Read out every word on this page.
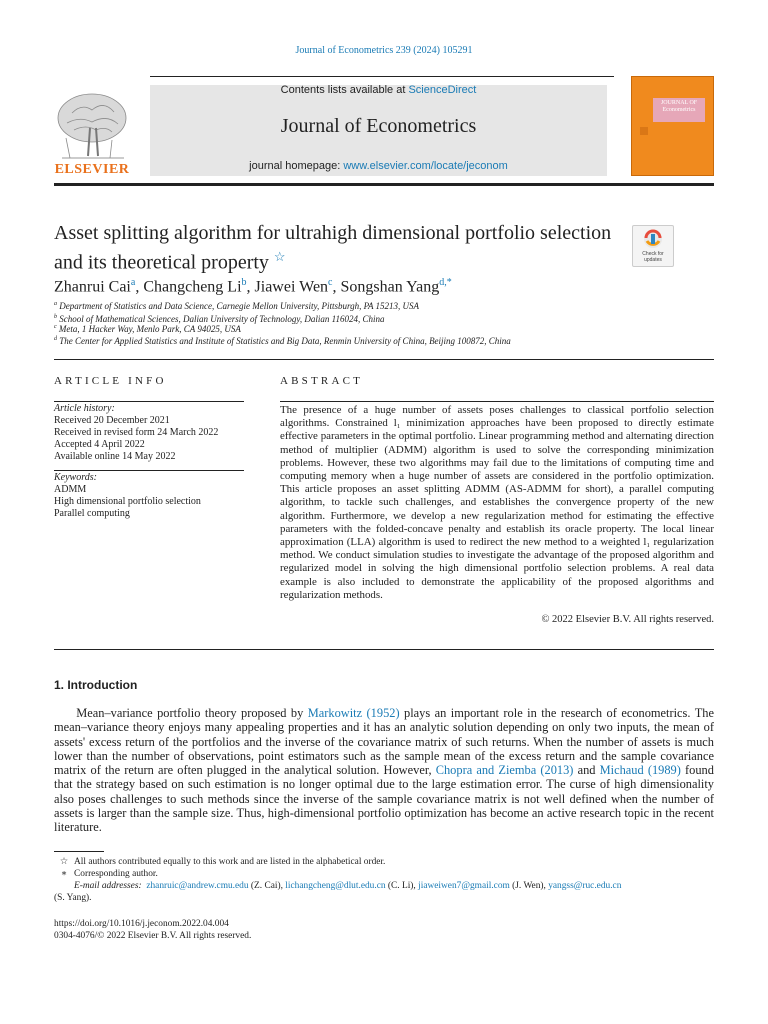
Journal of Econometrics 239 (2024) 105291
Contents lists available at ScienceDirect
Journal of Econometrics
journal homepage: www.elsevier.com/locate/jeconom
ELSEVIER
JOURNAL OF Econometrics
Asset splitting algorithm for ultrahigh dimensional portfolio selection and its theoretical property ☆	Check for updates
Zhanrui Cai$^a$, Changcheng Li$^b$, Jiawei Wen$^c$, Songshan Yang$^{d,*}$
$^a$ Department of Statistics and Data Science, Carnegie Mellon University, Pittsburgh, PA 15213, USA
$^b$ School of Mathematical Sciences, Dalian University of Technology, Dalian 116024, China
$^c$ Meta, 1 Hacker Way, Menlo Park, CA 94025, USA
$^d$ The Center for Applied Statistics and Institute of Statistics and Big Data, Renmin University of China, Beijing 100872, China
ARTICLE INFO	ABSTRACT
Article history:
Received 20 December 2021
Received in revised form 24 March 2022
Accepted 4 April 2022
Available online 14 May 2022
Keywords:
ADMM
High dimensional portfolio selection
Parallel computing
The presence of a huge number of assets poses challenges to classical portfolio selection algorithms. Constrained l₁ minimization approaches have been proposed to directly estimate effective parameters in the optimal portfolio. Linear programming method and alternating direction method of multiplier (ADMM) algorithm is used to solve the corresponding minimization problems. However, these two algorithms may fail due to the limitations of computing time and computing memory when a huge number of assets are considered in the portfolio optimization. This article proposes an asset splitting ADMM (AS-ADMM for short), a parallel computing algorithm, to tackle such challenges, and establishes the convergence property of the new algorithm. Furthermore, we develop a new regularization method for estimating the effective parameters with the folded-concave penalty and establish its oracle property. The local linear approximation (LLA) algorithm is used to redirect the new method to a weighted l₁ regularization method. We conduct simulation studies to investigate the advantage of the proposed algorithm and regularized model in solving the high dimensional portfolio selection problems. A real data example is also included to demonstrate the applicability of the proposed algorithms and regularization methods.
© 2022 Elsevier B.V. All rights reserved.
1. Introduction
Mean–variance portfolio theory proposed by Markowitz (1952) plays an important role in the research of econometrics. The mean–variance theory enjoys many appealing properties and it has an analytic solution depending on only two inputs, the mean of assets' excess return of the portfolios and the inverse of the covariance matrix of such returns. When the number of assets is much lower than the number of observations, point estimators such as the sample mean of the excess return and the sample covariance matrix of the return are often plugged in the analytical solution. However, Chopra and Ziemba (2013) and Michaud (1989) found that the strategy based on such estimation is no longer optimal due to the large estimation error. The curse of high dimensionality also poses challenges to such methods since the inverse of the sample covariance matrix is not well defined when the number of assets is larger than the sample size. Thus, high-dimensional portfolio optimization has become an active research topic in the recent literature.
☆ All authors contributed equally to this work and are listed in the alphabetical order.
∗ Corresponding author.
E-mail addresses: zhanruic@andrew.cmu.edu (Z. Cai), lichangcheng@dlut.edu.cn (C. Li), jiaweiwen7@gmail.com (J. Wen), yangss@ruc.edu.cn
(S. Yang).
https://doi.org/10.1016/j.jeconom.2022.04.004
0304-4076/© 2022 Elsevier B.V. All rights reserved.
